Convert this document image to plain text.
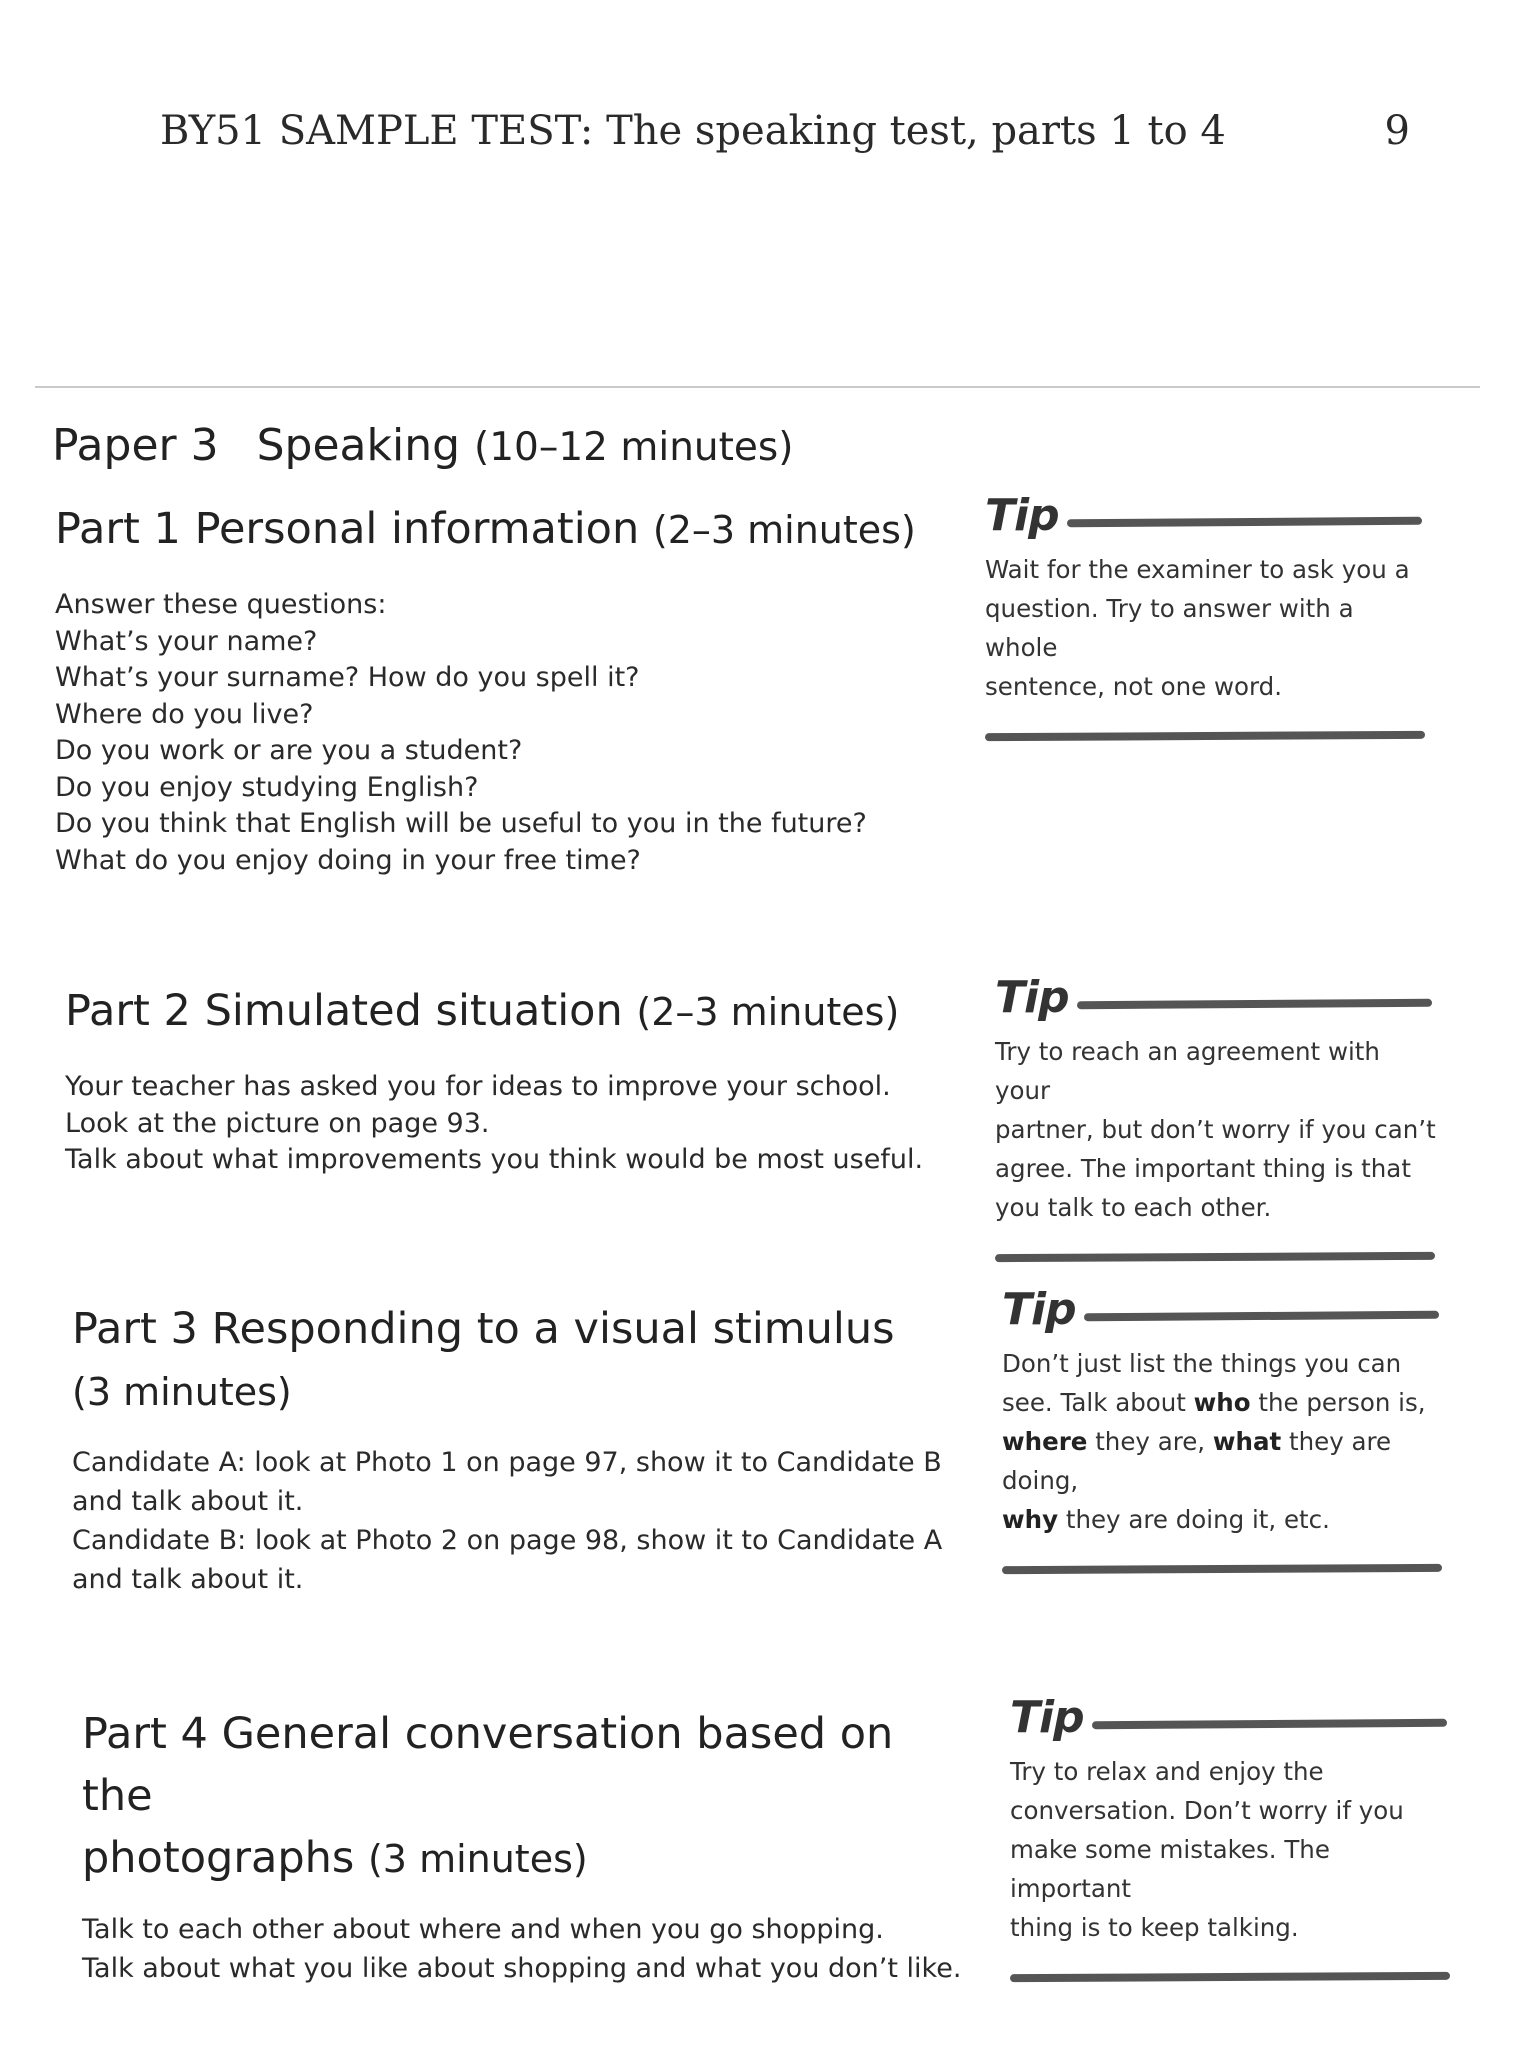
BY51 SAMPLE TEST: The speaking test, parts 1 to 4	9
Paper 3 Speaking (10–12 minutes)
Part 1 Personal information (2–3 minutes)
Answer these questions:
What’s your name?
What’s your surname? How do you spell it?
Where do you live?
Do you work or are you a student?
Do you enjoy studying English?
Do you think that English will be useful to you in the future?
What do you enjoy doing in your free time?
Part 2 Simulated situation (2–3 minutes)
Your teacher has asked you for ideas to improve your school.
Look at the picture on page 93.
Talk about what improvements you think would be most useful.
Part 3 Responding to a visual stimulus
(3 minutes)
Candidate A: look at Photo 1 on page 97, show it to Candidate B
and talk about it.
Candidate B: look at Photo 2 on page 98, show it to Candidate A
and talk about it.
Part 4 General conversation based on the
photographs (3 minutes)
Talk to each other about where and when you go shopping.
Talk about what you like about shopping and what you don’t like.
Tip
Wait for the examiner to ask you a
question. Try to answer with a whole
sentence, not one word.
Tip
Try to reach an agreement with your
partner, but don’t worry if you can’t
agree. The important thing is that
you talk to each other.
Tip
Don’t just list the things you can
see. Talk about who the person is,
where they are, what they are doing,
why they are doing it, etc.
Tip
Try to relax and enjoy the
conversation. Don’t worry if you
make some mistakes. The important
thing is to keep talking.
